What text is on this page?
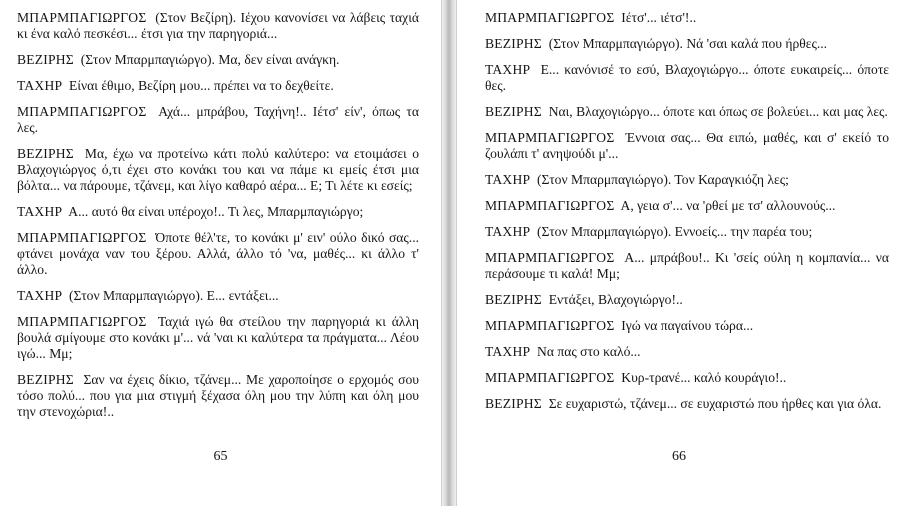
ΜΠΑΡΜΠΑΓΙΩΡΓΟΣ (Στον Βεζίρη). Ιέχου κανονίσει να λάβεις ταχιά κι ένα καλό πεσκέσι... έτσι για την παρηγοριά...

ΒΕΖΙΡΗΣ (Στον Μπαρμπαγιώργο). Μα, δεν είναι ανάγκη.

ΤΑΧΗΡ Είναι έθιμο, Βεζίρη μου... πρέπει να το δεχθείτε.

ΜΠΑΡΜΠΑΓΙΩΡΓΟΣ Αχά... μπράβου, Ταχήνη!.. Ιέτσ' είν', όπως τα λες.

ΒΕΖΙΡΗΣ Μα, έχω να προτείνω κάτι πολύ καλύτερο: να ετοιμάσει ο Βλαχογιώργος ό,τι έχει στο κονάκι του και να πάμε κι εμείς έτσι μια βόλτα... να πάρουμε, τζάνεμ, και λίγο καθαρό αέρα... Ε; Τι λέτε κι εσείς;

ΤΑΧΗΡ Α... αυτό θα είναι υπέροχο!.. Τι λες, Μπαρμπαγιώργο;

ΜΠΑΡΜΠΑΓΙΩΡΓΟΣ Όποτε θέλ'τε, το κονάκι μ' ειν' ούλο δικό σας... φτάνει μονάχα ναν του ξέρου. Αλλά, άλλο τό 'να, μαθές... κι άλλο τ' άλλο.

ΤΑΧΗΡ (Στον Μπαρμπαγιώργο). Ε... εντάξει...

ΜΠΑΡΜΠΑΓΙΩΡΓΟΣ Ταχιά ιγώ θα στείλου την παρηγοριά κι άλλη βουλά σμίγουμε στο κονάκι μ'... νά 'ναι κι καλύτερα τα πράγματα... Λέου ιγώ... Μμ;

ΒΕΖΙΡΗΣ Σαν να έχεις δίκιο, τζάνεμ... Με χαροποίησε ο ερχομός σου τόσο πολύ... που για μια στιγμή ξέχασα όλη μου την λύπη και όλη μου την στενοχώρια!..

65

ΜΠΑΡΜΠΑΓΙΩΡΓΟΣ Ιέτσ'... ιέτσ'!..

ΒΕΖΙΡΗΣ (Στον Μπαρμπαγιώργο). Νά 'σαι καλά που ήρθες...

ΤΑΧΗΡ Ε... κανόνισέ το εσύ, Βλαχογιώργο... όποτε ευκαιρείς... όποτε θες.

ΒΕΖΙΡΗΣ Ναι, Βλαχογιώργο... όποτε και όπως σε βολεύει... και μας λες.

ΜΠΑΡΜΠΑΓΙΩΡΓΟΣ Έννοια σας... Θα ειπώ, μαθές, και σ' εκείό το ζουλάπι τ' ανηψούδι μ'...

ΤΑΧΗΡ (Στον Μπαρμπαγιώργο). Τον Καραγκιόζη λες;

ΜΠΑΡΜΠΑΓΙΩΡΓΟΣ Α, γεια σ'... να 'ρθεί με τσ' αλλουνούς...

ΤΑΧΗΡ (Στον Μπαρμπαγιώργο). Εννοείς... την παρέα του;

ΜΠΑΡΜΠΑΓΙΩΡΓΟΣ Α... μπράβου!.. Κι 'σείς ούλη η κομπανία... να περάσουμε τι καλά! Μμ;

ΒΕΖΙΡΗΣ Εντάξει, Βλαχογιώργο!..

ΜΠΑΡΜΠΑΓΙΩΡΓΟΣ Ιγώ να παγαίνου τώρα...

ΤΑΧΗΡ Να πας στο καλό...

ΜΠΑΡΜΠΑΓΙΩΡΓΟΣ Κυρ-τρανέ... καλό κουράγιο!..

ΒΕΖΙΡΗΣ Σε ευχαριστώ, τζάνεμ... σε ευχαριστώ που ήρθες και για όλα.

66
